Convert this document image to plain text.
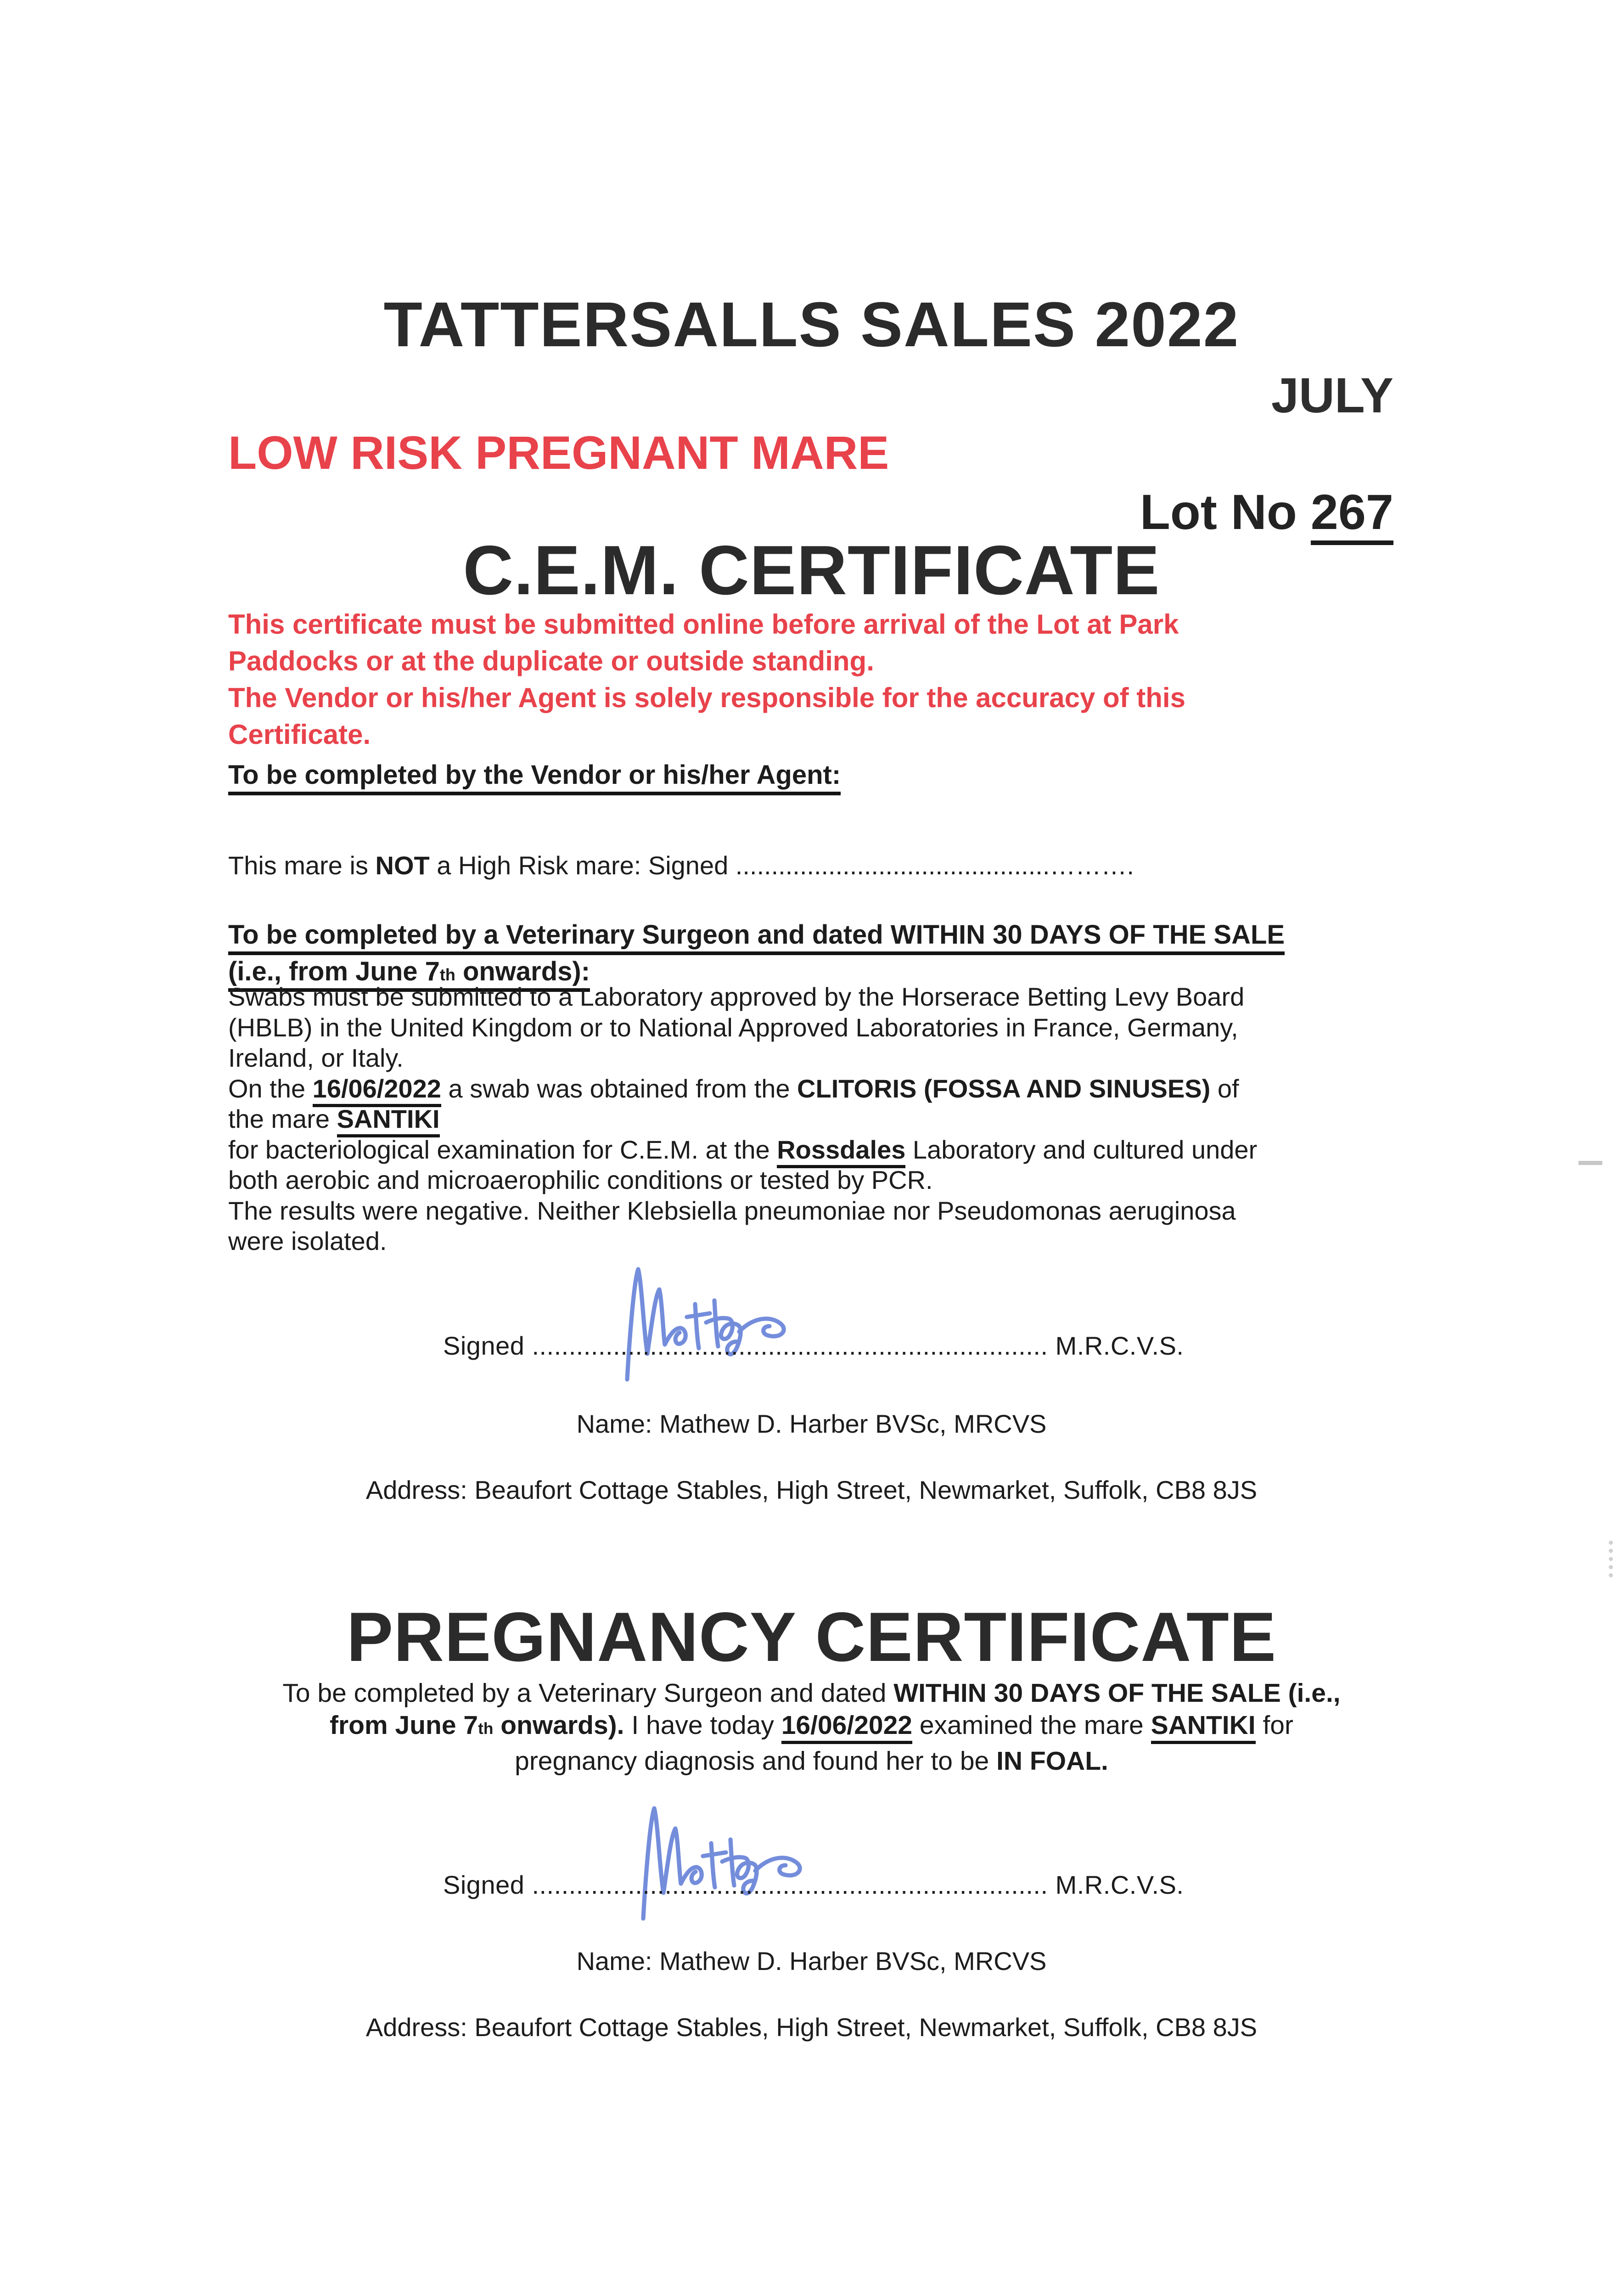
TATTERSALLS SALES 2022
JULY
LOW RISK PREGNANT MARE
Lot No 267
C.E.M. CERTIFICATE
This certificate must be submitted online before arrival of the Lot at Park
Paddocks or at the duplicate or outside standing.
The Vendor or his/her Agent is solely responsible for the accuracy of this
Certificate.
To be completed by the Vendor or his/her Agent:
This mare is NOT a High Risk mare: Signed ............................................……….
To be completed by a Veterinary Surgeon and dated WITHIN 30 DAYS OF THE SALE
(i.e., from June 7th onwards):
Swabs must be submitted to a Laboratory approved by the Horserace Betting Levy Board
(HBLB) in the United Kingdom or to National Approved Laboratories in France, Germany,
Ireland, or Italy.
On the 16/06/2022 a swab was obtained from the CLITORIS (FOSSA AND SINUSES) of
the mare SANTIKI
for bacteriological examination for C.E.M. at the Rossdales Laboratory and cultured under
both aerobic and microaerophilic conditions or tested by PCR.
The results were negative. Neither Klebsiella pneumoniae nor Pseudomonas aeruginosa
were isolated.
Signed ...................................................................... M.R.C.V.S.
Name: Mathew D. Harber BVSc, MRCVS
Address: Beaufort Cottage Stables, High Street, Newmarket, Suffolk, CB8 8JS
PREGNANCY CERTIFICATE
To be completed by a Veterinary Surgeon and dated WITHIN 30 DAYS OF THE SALE (i.e.,
from June 7th onwards). I have today 16/06/2022 examined the mare SANTIKI for
pregnancy diagnosis and found her to be IN FOAL.
Signed ...................................................................... M.R.C.V.S.
Name: Mathew D. Harber BVSc, MRCVS
Address: Beaufort Cottage Stables, High Street, Newmarket, Suffolk, CB8 8JS
